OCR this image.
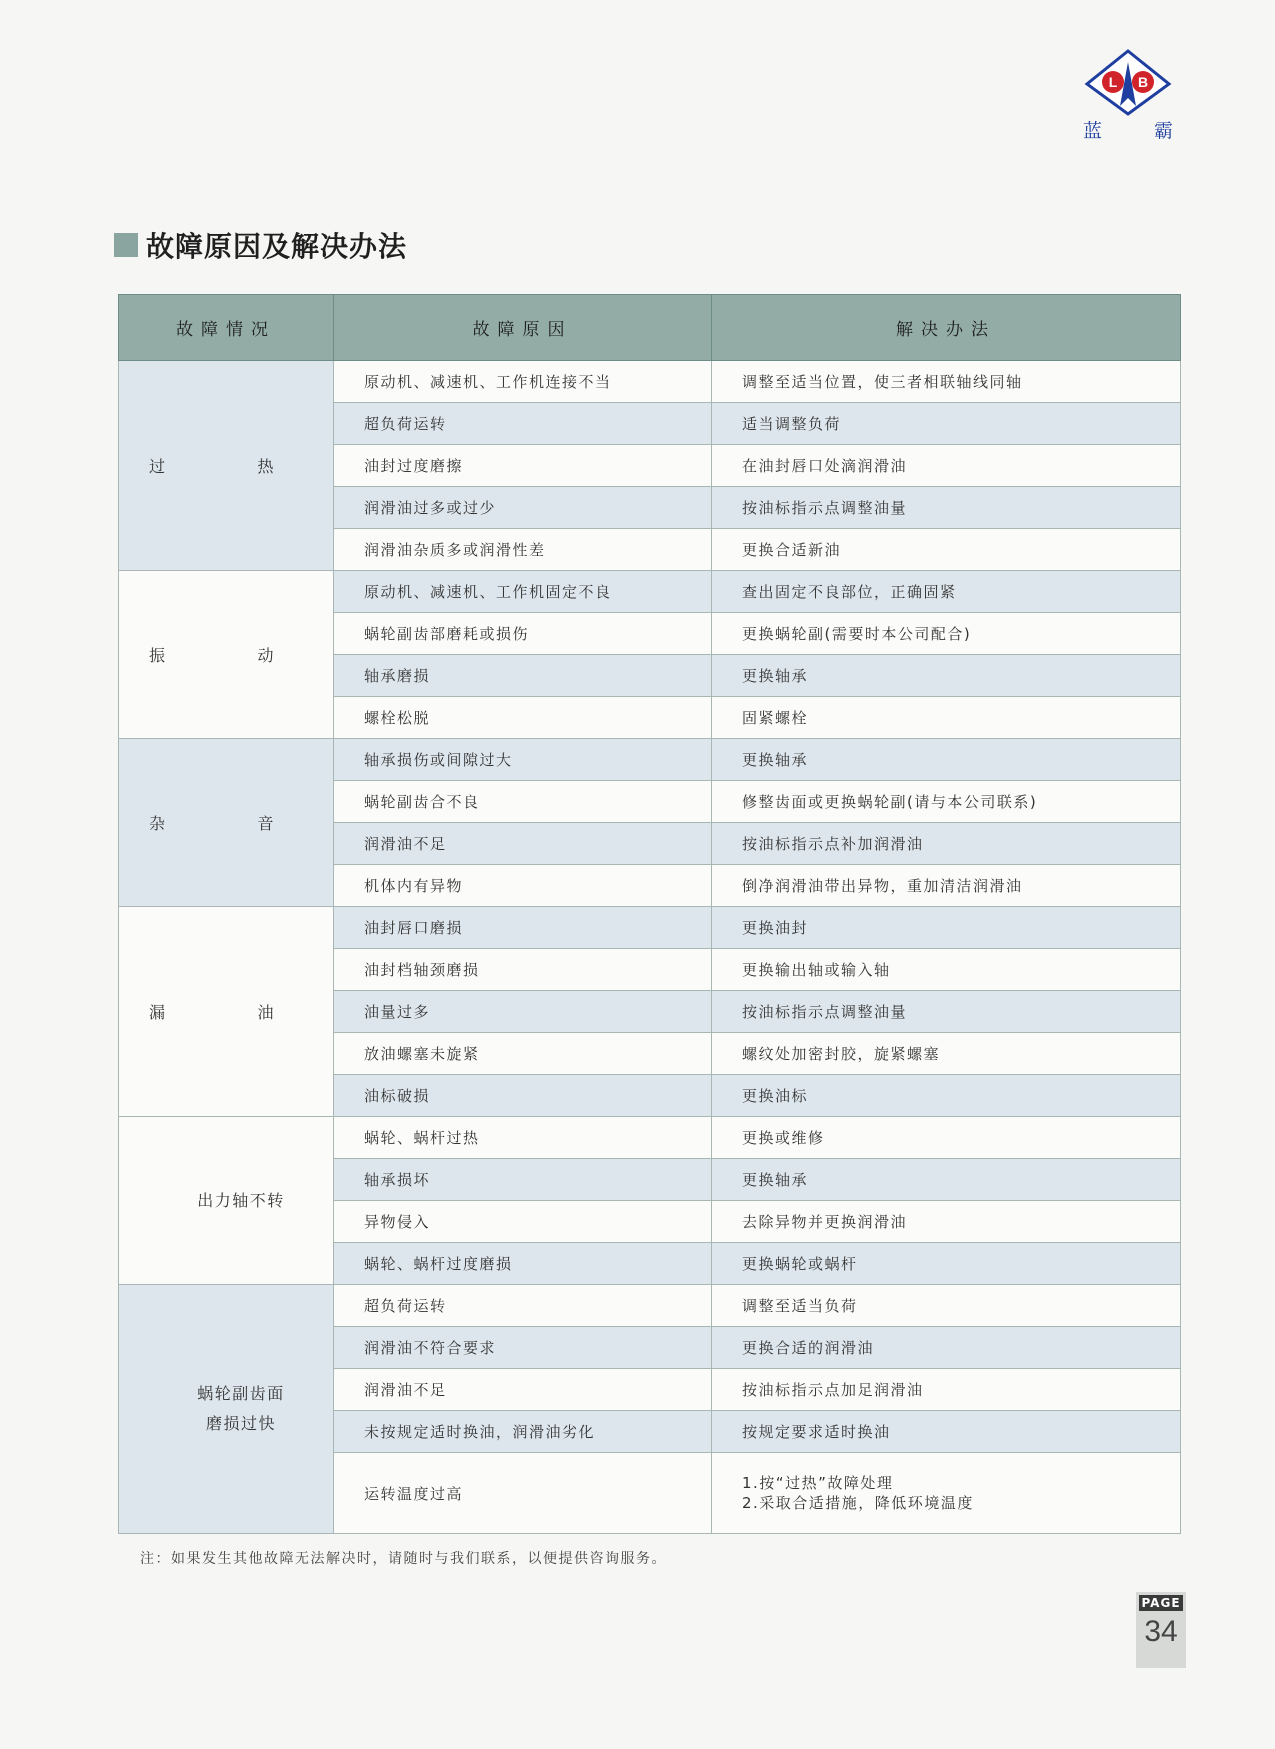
L B
蓝	霸
故障原因及解决办法
故障情况	故障原因	解决办法
过 热	原动机、减速机、工作机连接不当	调整至适当位置，使三者相联轴线同轴
	超负荷运转	适当调整负荷
	油封过度磨擦	在油封唇口处滴润滑油
	润滑油过多或过少	按油标指示点调整油量
	润滑油杂质多或润滑性差	更换合适新油
振 动	原动机、减速机、工作机固定不良	查出固定不良部位，正确固紧
	蜗轮副齿部磨耗或损伤	更换蜗轮副(需要时本公司配合)
	轴承磨损	更换轴承
	螺栓松脱	固紧螺栓
杂 音	轴承损伤或间隙过大	更换轴承
	蜗轮副齿合不良	修整齿面或更换蜗轮副(请与本公司联系)
	润滑油不足	按油标指示点补加润滑油
	机体内有异物	倒净润滑油带出异物，重加清洁润滑油
漏 油	油封唇口磨损	更换油封
	油封档轴颈磨损	更换输出轴或输入轴
	油量过多	按油标指示点调整油量
	放油螺塞未旋紧	螺纹处加密封胶，旋紧螺塞
	油标破损	更换油标
出力轴不转	蜗轮、蜗杆过热	更换或维修
	轴承损坏	更换轴承
	异物侵入	去除异物并更换润滑油
	蜗轮、蜗杆过度磨损	更换蜗轮或蜗杆

蜗轮副齿面
磨损过快	超负荷运转	调整至适当负荷
	润滑油不符合要求	更换合适的润滑油
	润滑油不足	按油标指示点加足润滑油
	未按规定适时换油，润滑油劣化	按规定要求适时换油
	运转温度过高	1.按“过热”故障处理
2.采取合适措施，降低环境温度
注：如果发生其他故障无法解决时，请随时与我们联系，以便提供咨询服务。
PAGE
34
